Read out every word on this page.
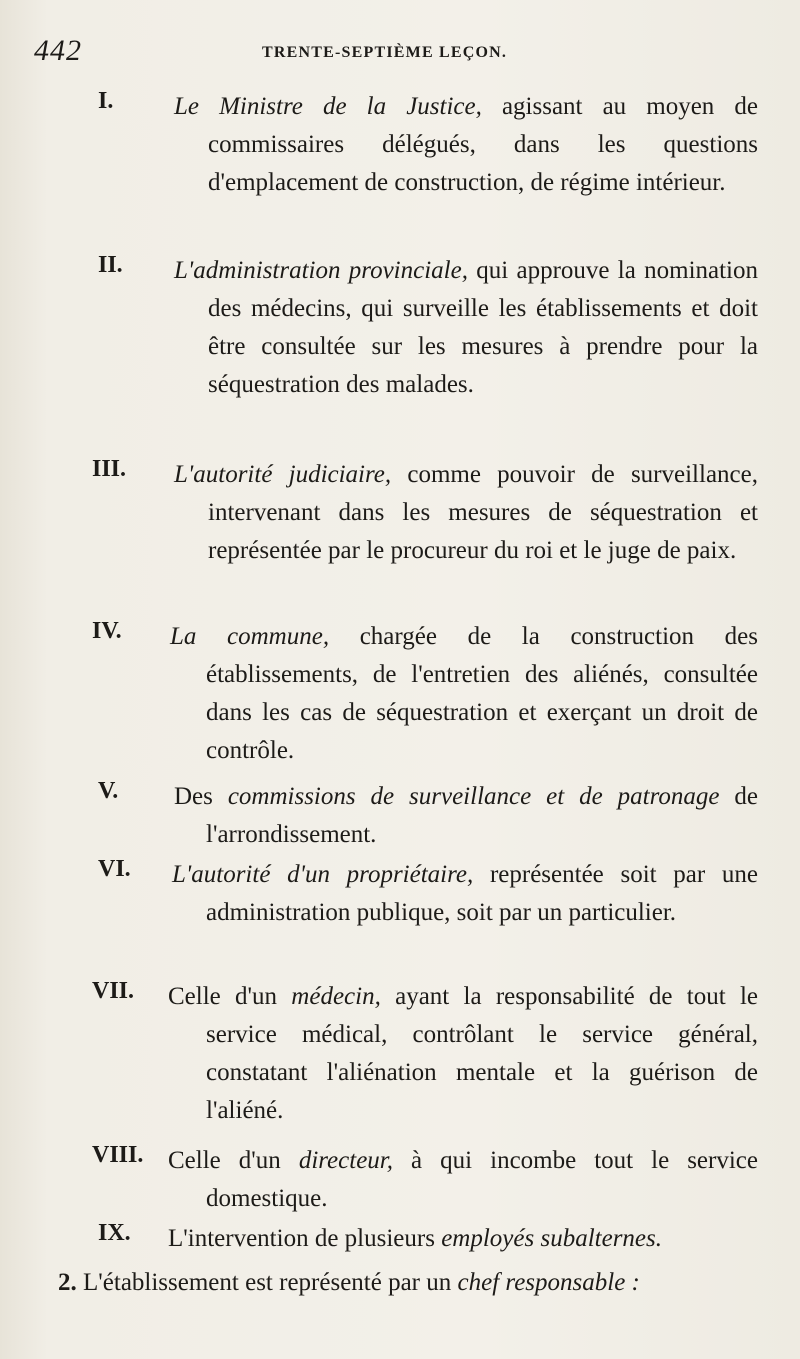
442	TRENTE-SEPTIÈME LEÇON.
I. Le Ministre de la Justice, agissant au moyen de commissaires délégués, dans les questions d'emplacement de construction, de régime intérieur.

II. L'administration provinciale, qui approuve la nomination des médecins, qui surveille les établissements et doit être consultée sur les mesures à prendre pour la séquestration des malades.

III. L'autorité judiciaire, comme pouvoir de surveillance, intervenant dans les mesures de séquestration et représentée par le procureur du roi et le juge de paix.

IV. La commune, chargée de la construction des établissements, de l'entretien des aliénés, consultée dans les cas de séquestration et exerçant un droit de contrôle.

V. Des commissions de surveillance et de patronage de l'arrondissement.

VI. L'autorité d'un propriétaire, représentée soit par une administration publique, soit par un particulier.

VII. Celle d'un médecin, ayant la responsabilité de tout le service médical, contrôlant le service général, constatant l'aliénation mentale et la guérison de l'aliéné.

VIII. Celle d'un directeur, à qui incombe tout le service domestique.

IX. L'intervention de plusieurs employés subalternes.

2. L'établissement est représenté par un chef responsable :
